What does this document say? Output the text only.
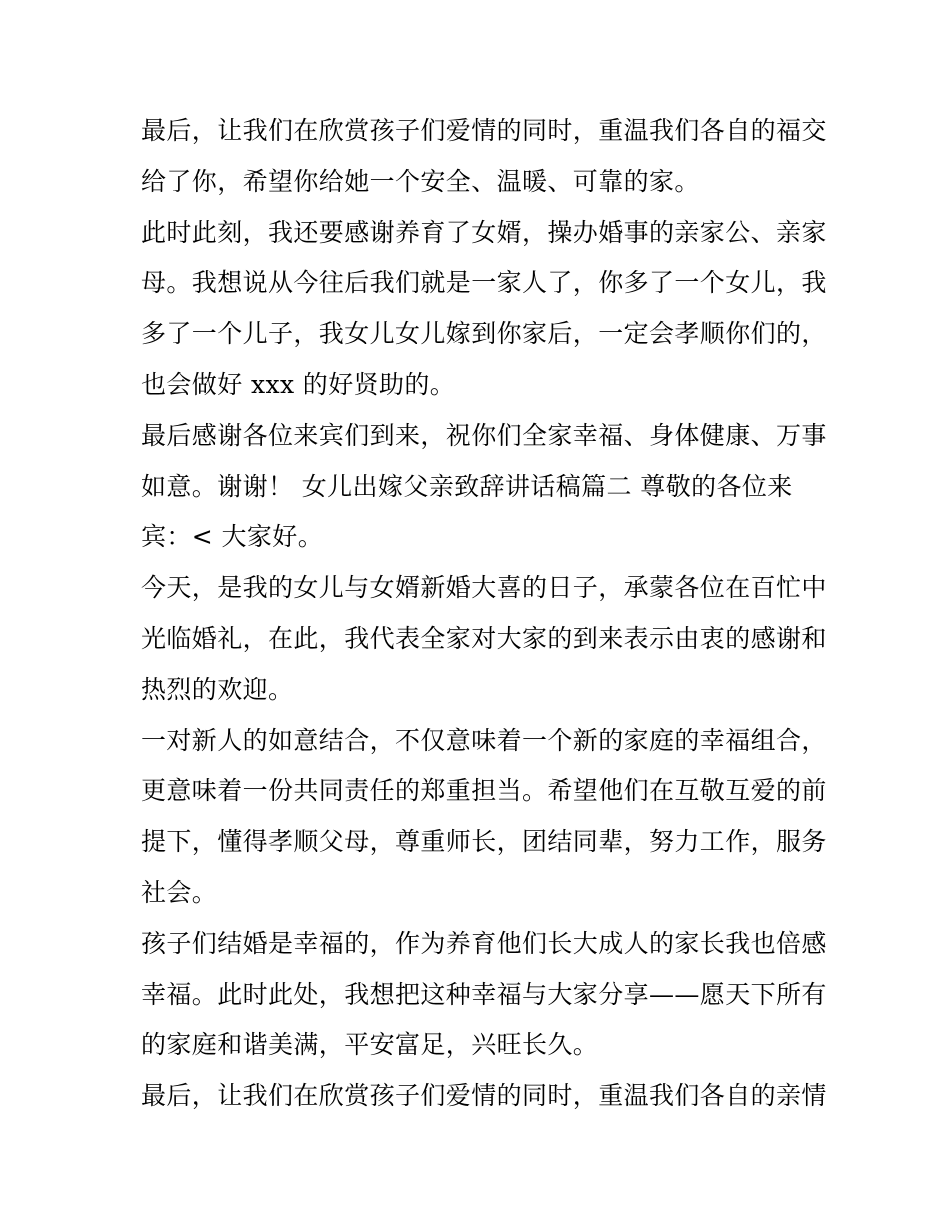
最后，让我们在欣赏孩子们爱情的同时，重温我们各自的福交
给了你，希望你给她一个安全、温暖、可靠的家。
此时此刻，我还要感谢养育了女婿，操办婚事的亲家公、亲家
母。我想说从今往后我们就是一家人了，你多了一个女儿，我
多了一个儿子，我女儿女儿嫁到你家后，一定会孝顺你们的，
也会做好 xxx 的好贤助的。
最后感谢各位来宾们到来，祝你们全家幸福、身体健康、万事
如意。谢谢！ 女儿出嫁父亲致辞讲话稿篇二 尊敬的各位来
宾：< 大家好。
今天，是我的女儿与女婿新婚大喜的日子，承蒙各位在百忙中
光临婚礼，在此，我代表全家对大家的到来表示由衷的感谢和
热烈的欢迎。
一对新人的如意结合，不仅意味着一个新的家庭的幸福组合，
更意味着一份共同责任的郑重担当。希望他们在互敬互爱的前
提下，懂得孝顺父母，尊重师长，团结同辈，努力工作，服务
社会。
孩子们结婚是幸福的，作为养育他们长大成人的家长我也倍感
幸福。此时此处，我想把这种幸福与大家分享——愿天下所有
的家庭和谐美满，平安富足，兴旺长久。
最后，让我们在欣赏孩子们爱情的同时，重温我们各自的亲情
